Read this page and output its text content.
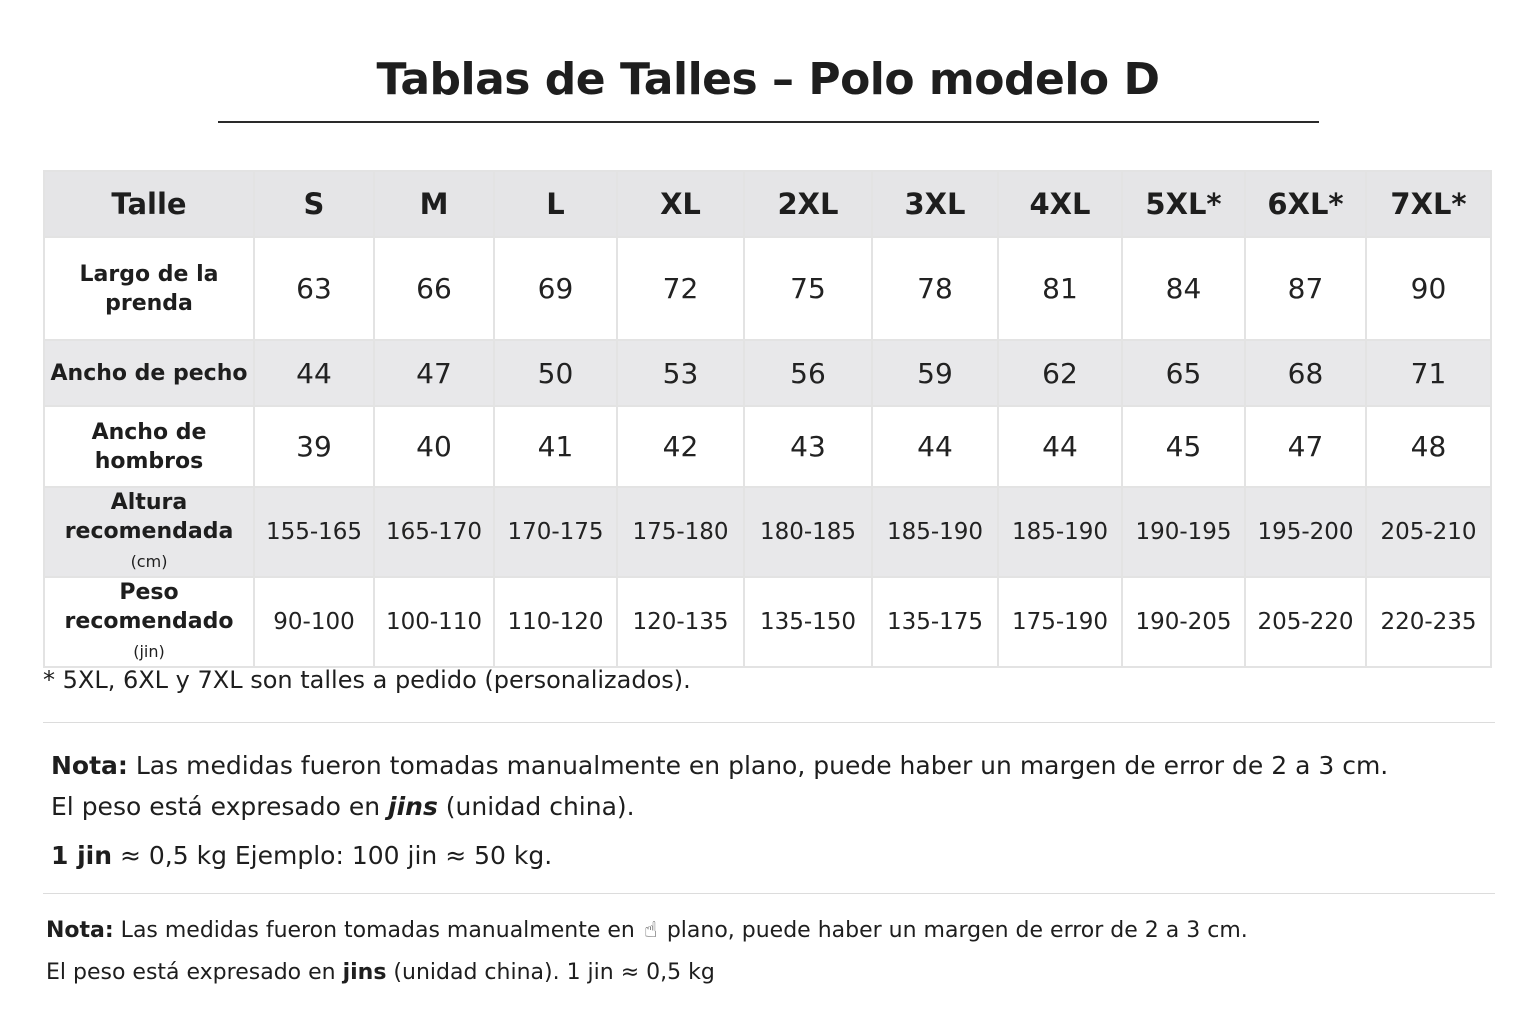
Tablas de Talles – Polo modelo D
Talle	S	M	L	XL	2XL	3XL	4XL	5XL*	6XL*	7XL*
Largo de la
prenda	63	66	69	72	75	78	81	84	87	90
Ancho de pecho	44	47	50	53	56	59	62	65	68	71
Ancho de
hombros	39	40	41	42	43	44	44	45	47	48
Altura
recomendada (cm)	155-165	165-170	170-175	175-180	180-185	185-190	185-190	190-195	195-200	205-210
Peso
recomendado (jin)	90-100	100-110	110-120	120-135	135-150	135-175	175-190	190-205	205-220	220-235

* 5XL, 6XL y 7XL son talles a pedido (personalizados).

Nota: Las medidas fueron tomadas manualmente en plano, puede haber un margen de error de 2 a 3 cm.
El peso está expresado en jins (unidad china).
1 jin ≈ 0,5 kg Ejemplo: 100 jin ≈ 50 kg.

Nota: Las medidas fueron tomadas manualmente en ☝ plano, puede haber un margen de error de 2 a 3 cm.
El peso está expresado en jins (unidad china). 1 jin ≈ 0,5 kg
